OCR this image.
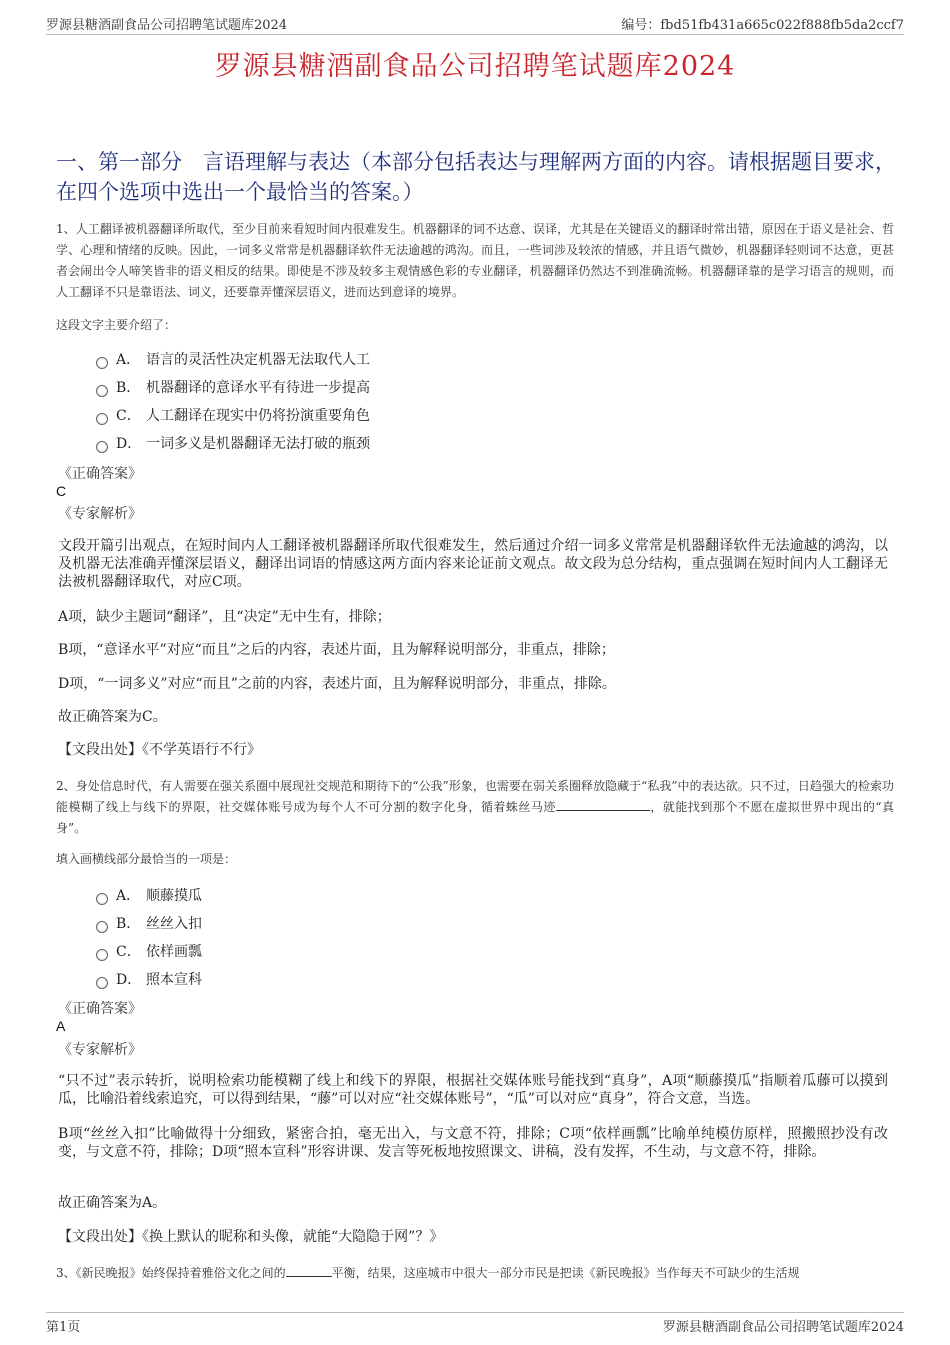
罗源县糖酒副食品公司招聘笔试题库2024	编号：fbd51fb431a665c022f888fb5da2ccf7
罗源县糖酒副食品公司招聘笔试题库2024
一、第一部分　言语理解与表达（本部分包括表达与理解两方面的内容。请根据题目要求，在四个选项中选出一个最恰当的答案。）
1、人工翻译被机器翻译所取代，至少目前来看短时间内很难发生。机器翻译的词不达意、误译，尤其是在关键语义的翻译时常出错，原因在于语义是社会、哲学、心理和情绪的反映。因此，一词多义常常是机器翻译软件无法逾越的鸿沟。而且，一些词涉及较浓的情感，并且语气微妙，机器翻译轻则词不达意，更甚者会闹出令人啼笑皆非的语义相反的结果。即使是不涉及较多主观情感色彩的专业翻译，机器翻译仍然达不到准确流畅。机器翻译靠的是学习语言的规则，而人工翻译不只是靠语法、词义，还要靠弄懂深层语义，进而达到意译的境界。
这段文字主要介绍了：
A． 语言的灵活性决定机器无法取代人工
B． 机器翻译的意译水平有待进一步提高
C． 人工翻译在现实中仍将扮演重要角色
D． 一词多义是机器翻译无法打破的瓶颈
《正确答案》
C
《专家解析》
文段开篇引出观点，在短时间内人工翻译被机器翻译所取代很难发生，然后通过介绍一词多义常常是机器翻译软件无法逾越的鸿沟，以及机器无法准确弄懂深层语义，翻译出词语的情感这两方面内容来论证前文观点。故文段为总分结构，重点强调在短时间内人工翻译无法被机器翻译取代，对应C项。
A项，缺少主题词“翻译”，且“决定”无中生有，排除；
B项，“意译水平”对应“而且”之后的内容，表述片面，且为解释说明部分，非重点，排除；
D项，“一词多义”对应“而且”之前的内容，表述片面，且为解释说明部分，非重点，排除。
故正确答案为C。
【文段出处】《不学英语行不行》
2、身处信息时代，有人需要在强关系圈中展现社交规范和期待下的“公我”形象，也需要在弱关系圈释放隐藏于“私我”中的表达欲。只不过，日趋强大的检索功能模糊了线上与线下的界限，社交媒体账号成为每个人不可分割的数字化身，循着蛛丝马迹	，就能找到那个不愿在虚拟世界中现出的“真身”。
填入画横线部分最恰当的一项是：
A． 顺藤摸瓜
B． 丝丝入扣
C． 依样画瓢
D． 照本宣科
《正确答案》
A
《专家解析》
“只不过”表示转折，说明检索功能模糊了线上和线下的界限，根据社交媒体账号能找到“真身”，A项“顺藤摸瓜”指顺着瓜藤可以摸到瓜，比喻沿着线索追究，可以得到结果，“藤”可以对应“社交媒体账号”，“瓜”可以对应“真身”，符合文意，当选。
B项“丝丝入扣”比喻做得十分细致，紧密合拍，毫无出入，与文意不符，排除；C项“依样画瓢”比喻单纯模仿原样，照搬照抄没有改变，与文意不符，排除；D项“照本宣科”形容讲课、发言等死板地按照课文、讲稿，没有发挥，不生动，与文意不符，排除。
故正确答案为A。
【文段出处】《换上默认的昵称和头像，就能“大隐隐于网”？》
3、《新民晚报》始终保持着雅俗文化之间的	平衡，结果，这座城市中很大一部分市民是把读《新民晚报》当作每天不可缺少的生活规
第1页	罗源县糖酒副食品公司招聘笔试题库2024
